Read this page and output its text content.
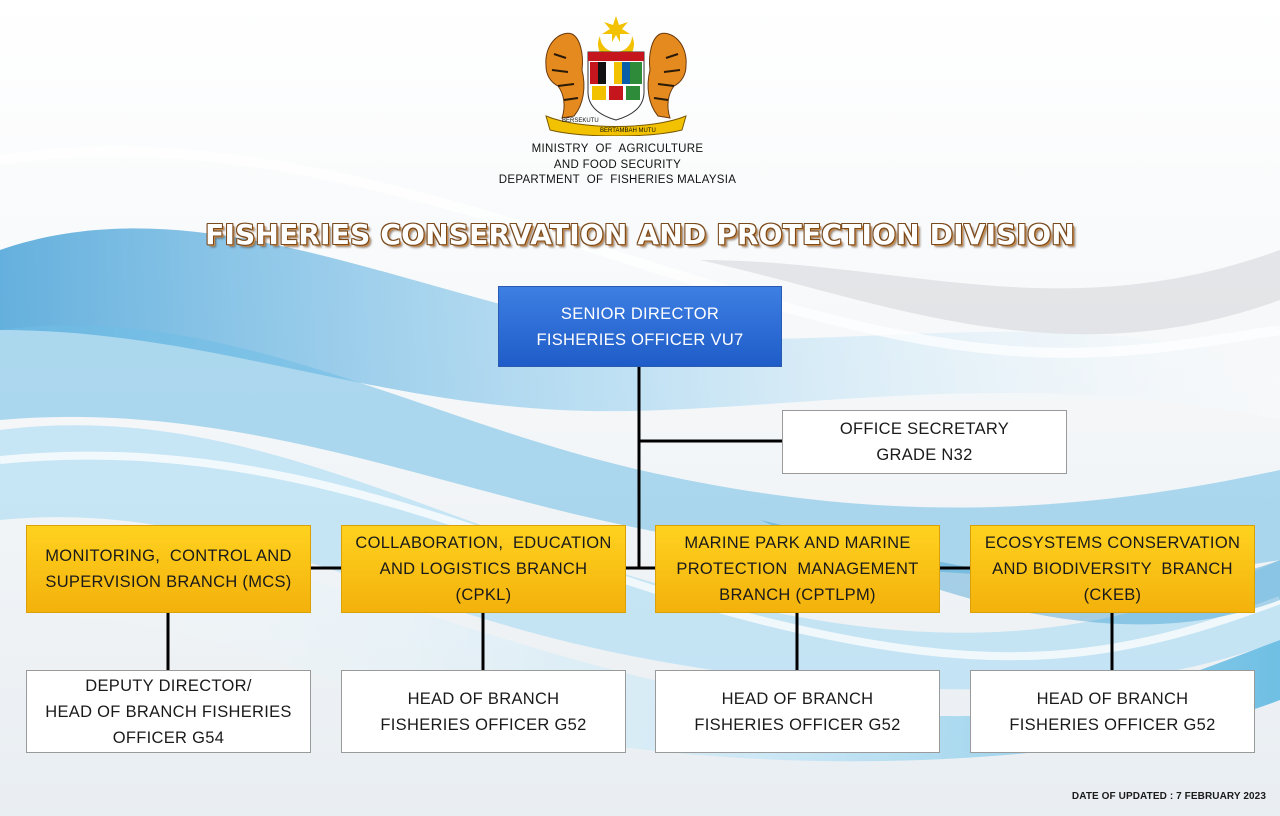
BERSEKUTU
BERTAMBAH MUTU
MINISTRY  OF  AGRICULTURE
AND FOOD SECURITY
DEPARTMENT  OF  FISHERIES MALAYSIA
FISHERIES CONSERVATION AND PROTECTION DIVISION
SENIOR DIRECTOR
FISHERIES OFFICER VU7
OFFICE SECRETARY
GRADE N32
MONITORING,  CONTROL AND
SUPERVISION BRANCH (MCS)
COLLABORATION,  EDUCATION
AND LOGISTICS BRANCH
(CPKL)
MARINE PARK AND MARINE
PROTECTION  MANAGEMENT
BRANCH (CPTLPM)
ECOSYSTEMS CONSERVATION
AND BIODIVERSITY  BRANCH
(CKEB)
DEPUTY DIRECTOR/
HEAD OF BRANCH FISHERIES
OFFICER G54
HEAD OF BRANCH
FISHERIES OFFICER G52
HEAD OF BRANCH
FISHERIES OFFICER G52
HEAD OF BRANCH
FISHERIES OFFICER G52
DATE OF UPDATED : 7 FEBRUARY 2023
